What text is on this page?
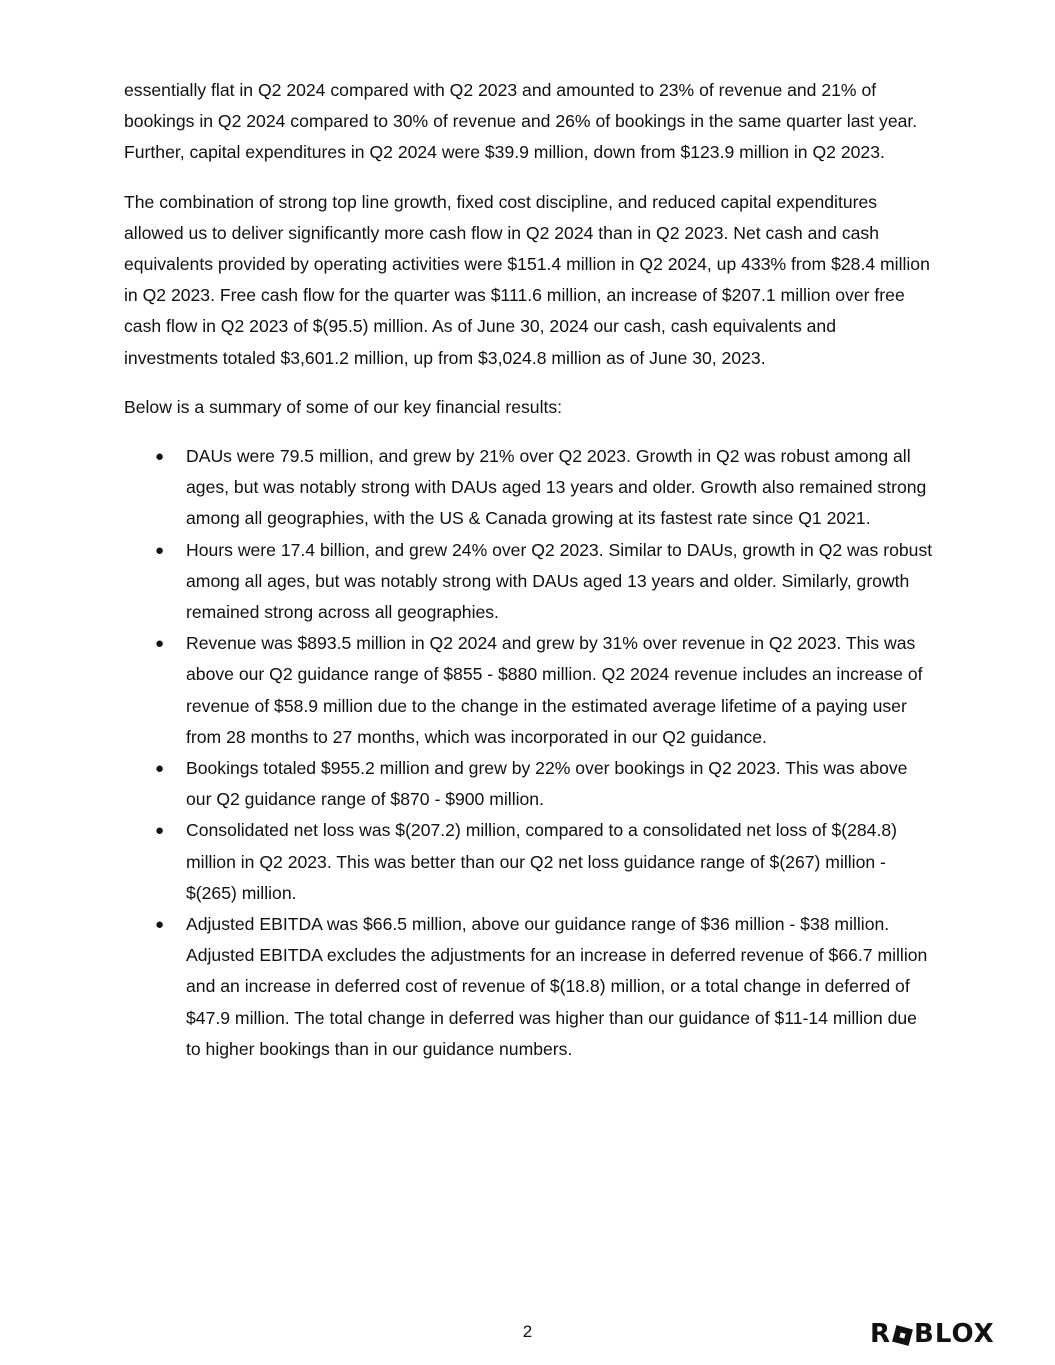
essentially flat in Q2 2024 compared with Q2 2023 and amounted to 23% of revenue and 21% of bookings in Q2 2024 compared to 30% of revenue and 26% of bookings in the same quarter last year. Further, capital expenditures in Q2 2024 were $39.9 million, down from $123.9 million in Q2 2023.

The combination of strong top line growth, fixed cost discipline, and reduced capital expenditures allowed us to deliver significantly more cash flow in Q2 2024 than in Q2 2023. Net cash and cash equivalents provided by operating activities were $151.4 million in Q2 2024, up 433% from $28.4 million in Q2 2023. Free cash flow for the quarter was $111.6 million, an increase of $207.1 million over free cash flow in Q2 2023 of $(95.5) million. As of June 30, 2024 our cash, cash equivalents and investments totaled $3,601.2 million, up from $3,024.8 million as of June 30, 2023.

Below is a summary of some of our key financial results:

● DAUs were 79.5 million, and grew by 21% over Q2 2023. Growth in Q2 was robust among all ages, but was notably strong with DAUs aged 13 years and older. Growth also remained strong among all geographies, with the US & Canada growing at its fastest rate since Q1 2021.
● Hours were 17.4 billion, and grew 24% over Q2 2023. Similar to DAUs, growth in Q2 was robust among all ages, but was notably strong with DAUs aged 13 years and older. Similarly, growth remained strong across all geographies.
● Revenue was $893.5 million in Q2 2024 and grew by 31% over revenue in Q2 2023. This was above our Q2 guidance range of $855 - $880 million. Q2 2024 revenue includes an increase of revenue of $58.9 million due to the change in the estimated average lifetime of a paying user from 28 months to 27 months, which was incorporated in our Q2 guidance.
● Bookings totaled $955.2 million and grew by 22% over bookings in Q2 2023. This was above our Q2 guidance range of $870 - $900 million.
● Consolidated net loss was $(207.2) million, compared to a consolidated net loss of $(284.8) million in Q2 2023. This was better than our Q2 net loss guidance range of $(267) million - $(265) million.
● Adjusted EBITDA was $66.5 million, above our guidance range of $36 million - $38 million. Adjusted EBITDA excludes the adjustments for an increase in deferred revenue of $66.7 million and an increase in deferred cost of revenue of $(18.8) million, or a total change in deferred of $47.9 million. The total change in deferred was higher than our guidance of $11-14 million due to higher bookings than in our guidance numbers.
2	R BLOX
